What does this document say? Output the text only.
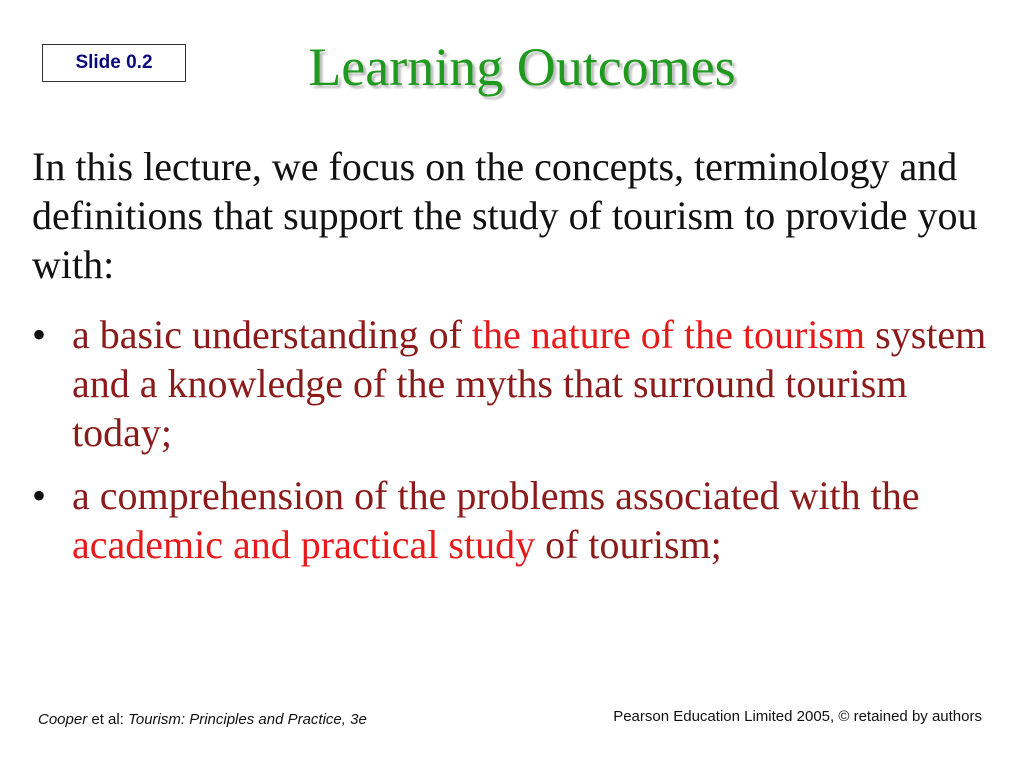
Slide 0.2	Learning Outcomes

In this lecture, we focus on the concepts, terminology and definitions that support the study of tourism to provide you with:

• a basic understanding of the nature of the tourism system and a knowledge of the myths that surround tourism today;
• a comprehension of the problems associated with the academic and practical study of tourism;
Cooper et al: Tourism: Principles and Practice, 3e	Pearson Education Limited 2005, © retained by authors
